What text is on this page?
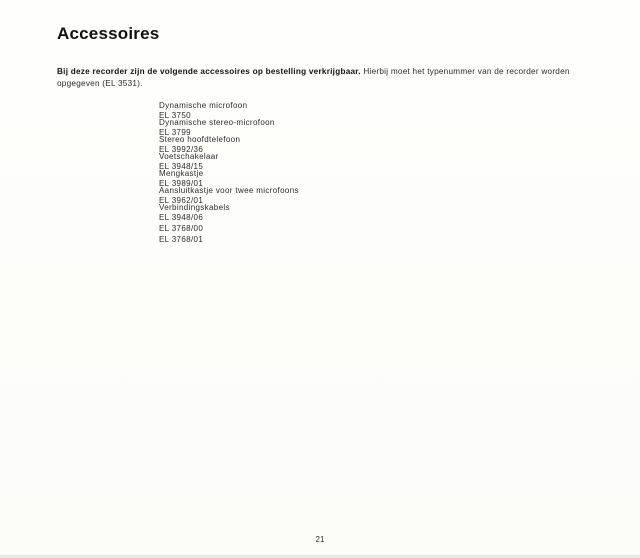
Accessoires

Bij deze recorder zijn de volgende accessoires op bestelling verkrijgbaar. Hierbij moet het typenummer van de recorder worden opgegeven (EL 3531).

Dynamische microfoon
EL 3750
Dynamische stereo-microfoon
EL 3799
Stereo hoofdtelefoon
EL 3992/36
Voetschakelaar
EL 3948/15
Mengkastje
EL 3989/01
Aansluitkastje voor twee microfoons
EL 3962/01
Verbindingskabels
EL 3948/06
EL 3768/00
EL 3768/01
21
